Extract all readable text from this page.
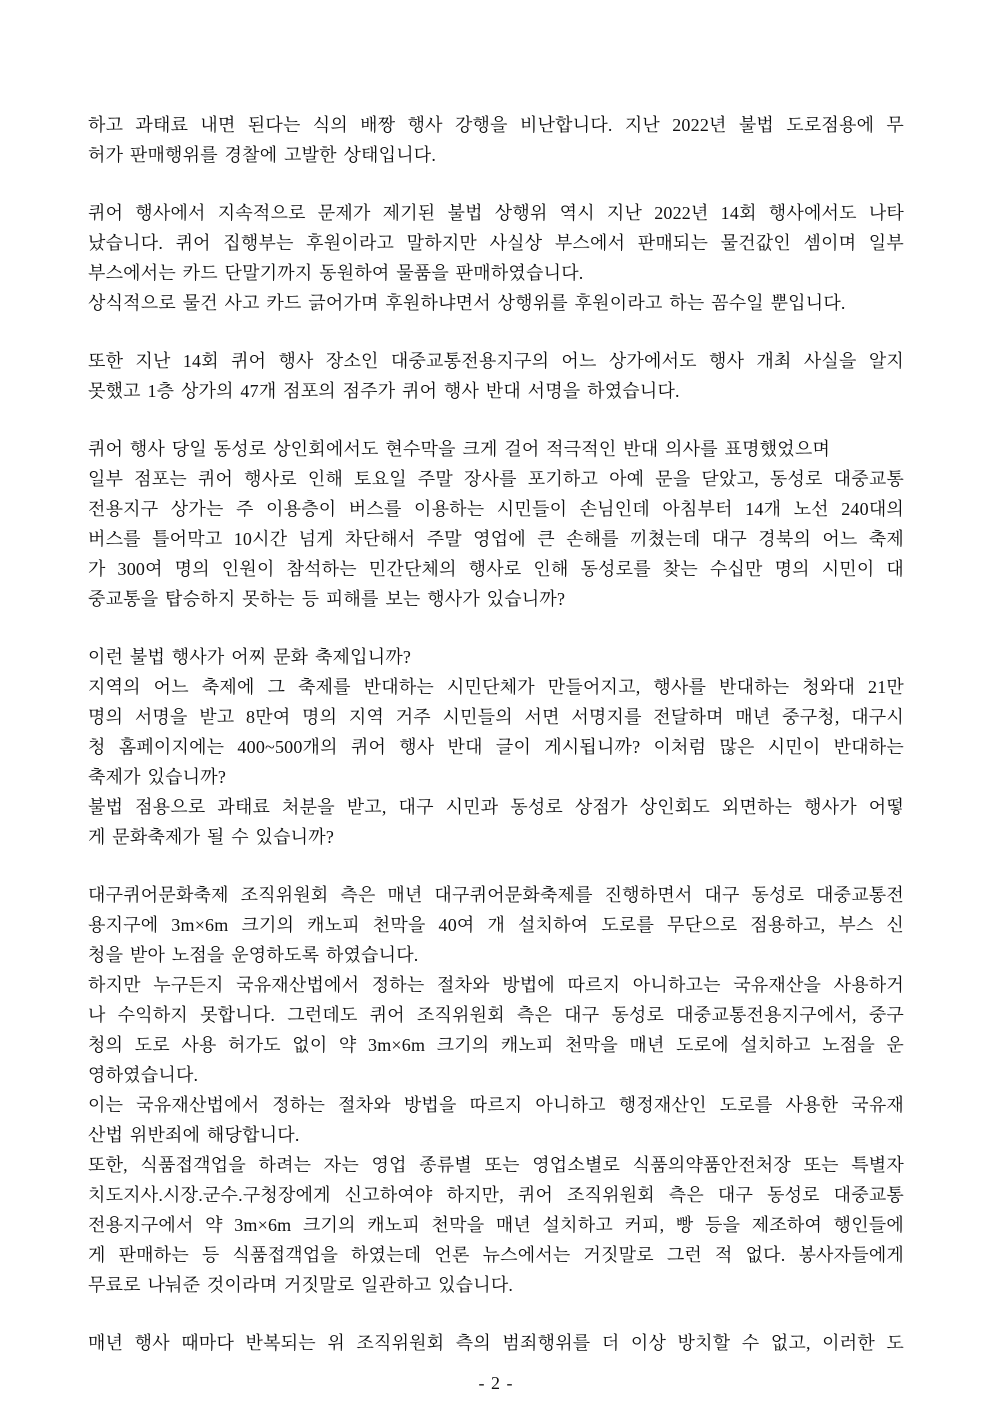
하고 과태료 내면 된다는 식의 배짱 행사 강행을 비난합니다. 지난 2022년 불법 도로점용에 무
허가 판매행위를 경찰에 고발한 상태입니다.
퀴어 행사에서 지속적으로 문제가 제기된 불법 상행위 역시 지난 2022년 14회 행사에서도 나타
났습니다. 퀴어 집행부는 후원이라고 말하지만 사실상 부스에서 판매되는 물건값인 셈이며 일부
부스에서는 카드 단말기까지 동원하여 물품을 판매하였습니다.
상식적으로 물건 사고 카드 긁어가며 후원하냐면서 상행위를 후원이라고 하는 꼼수일 뿐입니다.
또한 지난 14회 퀴어 행사 장소인 대중교통전용지구의 어느 상가에서도 행사 개최 사실을 알지
못했고 1층 상가의 47개 점포의 점주가 퀴어 행사 반대 서명을 하였습니다.
퀴어 행사 당일 동성로 상인회에서도 현수막을 크게 걸어 적극적인 반대 의사를 표명했었으며
일부 점포는 퀴어 행사로 인해 토요일 주말 장사를 포기하고 아예 문을 닫았고, 동성로 대중교통
전용지구 상가는 주 이용층이 버스를 이용하는 시민들이 손님인데 아침부터 14개 노선 240대의
버스를 틀어막고 10시간 넘게 차단해서 주말 영업에 큰 손해를 끼쳤는데 대구 경북의 어느 축제
가 300여 명의 인원이 참석하는 민간단체의 행사로 인해 동성로를 찾는 수십만 명의 시민이 대
중교통을 탑승하지 못하는 등 피해를 보는 행사가 있습니까?
이런 불법 행사가 어찌 문화 축제입니까?
지역의 어느 축제에 그 축제를 반대하는 시민단체가 만들어지고, 행사를 반대하는 청와대 21만
명의 서명을 받고 8만여 명의 지역 거주 시민들의 서면 서명지를 전달하며 매년 중구청, 대구시
청 홈페이지에는 400~500개의 퀴어 행사 반대 글이 게시됩니까? 이처럼 많은 시민이 반대하는
축제가 있습니까?
불법 점용으로 과태료 처분을 받고, 대구 시민과 동성로 상점가 상인회도 외면하는 행사가 어떻
게 문화축제가 될 수 있습니까?
대구퀴어문화축제 조직위원회 측은 매년 대구퀴어문화축제를 진행하면서 대구 동성로 대중교통전
용지구에 3m×6m 크기의 캐노피 천막을 40여 개 설치하여 도로를 무단으로 점용하고, 부스 신
청을 받아 노점을 운영하도록 하였습니다.
하지만 누구든지 국유재산법에서 정하는 절차와 방법에 따르지 아니하고는 국유재산을 사용하거
나 수익하지 못합니다. 그런데도 퀴어 조직위원회 측은 대구 동성로 대중교통전용지구에서, 중구
청의 도로 사용 허가도 없이 약 3m×6m 크기의 캐노피 천막을 매년 도로에 설치하고 노점을 운
영하였습니다.
이는 국유재산법에서 정하는 절차와 방법을 따르지 아니하고 행정재산인 도로를 사용한 국유재
산법 위반죄에 해당합니다.
또한, 식품접객업을 하려는 자는 영업 종류별 또는 영업소별로 식품의약품안전처장 또는 특별자
치도지사.시장.군수.구청장에게 신고하여야 하지만, 퀴어 조직위원회 측은 대구 동성로 대중교통
전용지구에서 약 3m×6m 크기의 캐노피 천막을 매년 설치하고 커피, 빵 등을 제조하여 행인들에
게 판매하는 등 식품접객업을 하였는데 언론 뉴스에서는 거짓말로 그런 적 없다. 봉사자들에게
무료로 나눠준 것이라며 거짓말로 일관하고 있습니다.
매년 행사 때마다 반복되는 위 조직위원회 측의 범죄행위를 더 이상 방치할 수 없고, 이러한 도
- 2 -
